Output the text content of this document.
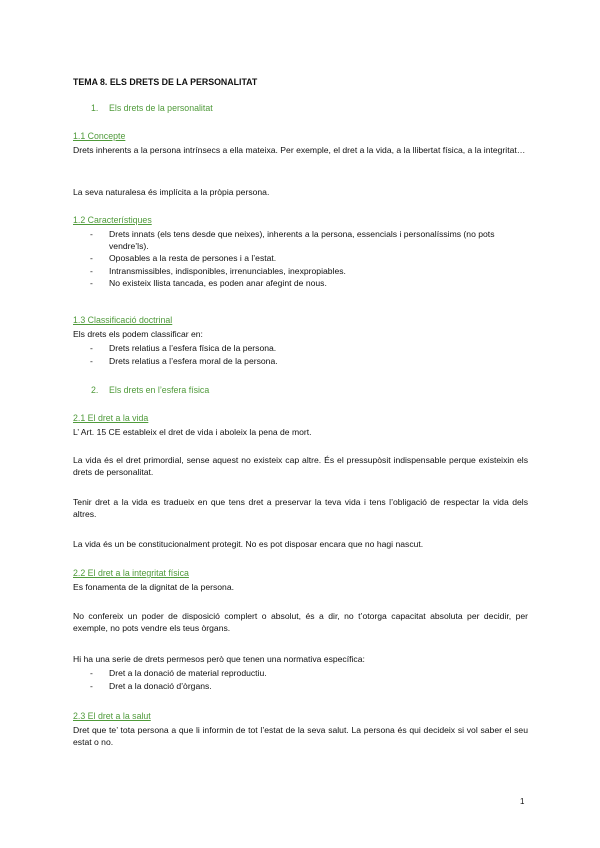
TEMA 8. ELS DRETS DE LA PERSONALITAT
1. Els drets de la personalitat
1.1 Concepte

Drets inherents a la persona intrínsecs a ella mateixa. Per exemple, el dret a la vida, a la llibertat física, a la integritat…

La seva naturalesa és implícita a la pròpia persona.

1.2 Característiques
- Drets innats (els tens desde que neixes), inherents a la persona, essencials i personalíssims (no pots vendre’ls).
- Oposables a la resta de persones i a l’estat.
- Intransmissibles, indisponibles, irrenunciables, inexpropiables.
- No existeix llista tancada, es poden anar afegint de nous.
1.3 Classificació doctrinal

Els drets els podem classificar en:

- Drets relatius a l’esfera física de la persona.
- Drets relatius a l’esfera moral de la persona.
2. Els drets en l’esfera física
2.1 El dret a la vida

L’ Art. 15 CE estableix el dret de vida i aboleix la pena de mort.

La vida és el dret primordial, sense aquest no existeix cap altre. És el pressupòsit indispensable perque existeixin els drets de personalitat.

Tenir dret a la vida es tradueix en que tens dret a preservar la teva vida i tens l’obligació de respectar la vida dels altres.

La vida és un be constitucionalment protegit. No es pot disposar encara que no hagi nascut.

2.2 El dret a la integritat física

Es fonamenta de la dignitat de la persona.

No confereix un poder de disposició complert o absolut, és a dir, no t’otorga capacitat absoluta per decidir, per exemple, no pots vendre els teus òrgans.

Hi ha una serie de drets permesos però que tenen una normativa específica:

- Dret a la donació de material reproductiu.
- Dret a la donació d’òrgans.
2.3 El dret a la salut

Dret que te’ tota persona a que li informin de tot l’estat de la seva salut. La persona és qui decideix si vol saber el seu estat o no.

1
